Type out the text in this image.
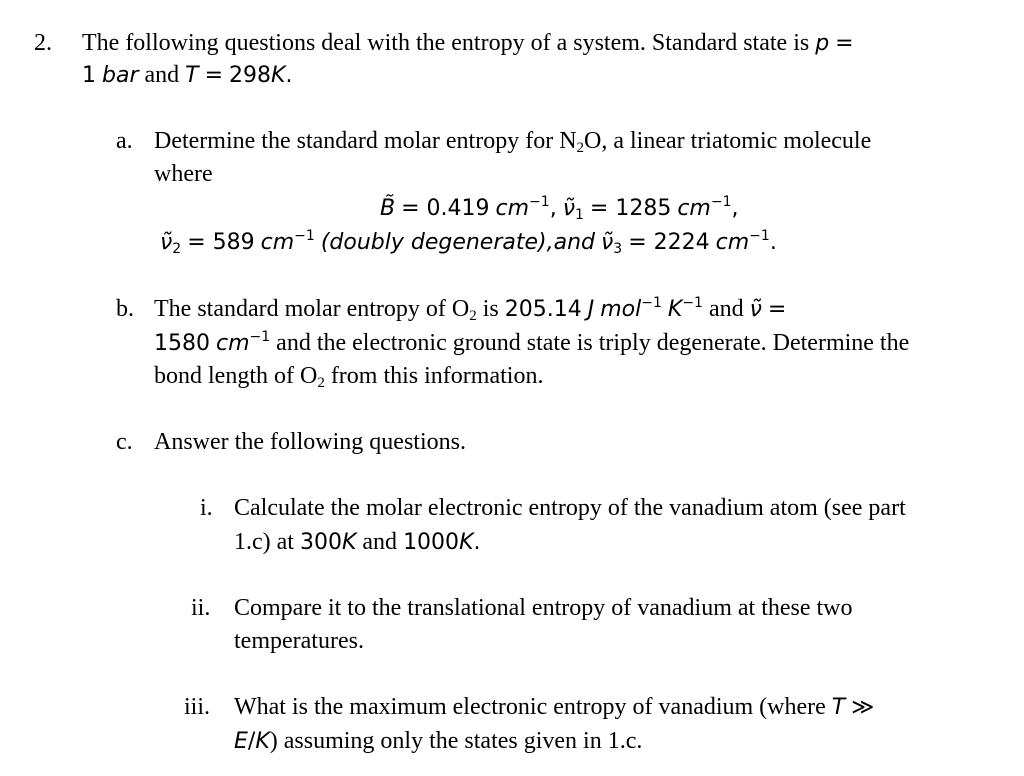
2. The following questions deal with the entropy of a system. Standard state is p =
1 bar and T = 298K.
a. Determine the standard molar entropy for $N_2O$, a linear triatomic molecule
where
B̃ = 0.419 $cm^{-1}$, $\nũ_1 = 1285$ $cm^{-1}$,
$\nũ_2 = 589$ $cm^{-1}$ (doubly degenerate),and $\nũ_3 = 2224$ $cm^{-1}$.
b. The standard molar entropy of $O_2$ is 205.14 J mol$^{-1}$ $K^{-1}$ and ν̃ =
1580 $cm^{-1}$ and the electronic ground state is triply degenerate. Determine the
bond length of $O_2$ from this information.
c. Answer the following questions.
i. Calculate the molar electronic entropy of the vanadium atom (see part
1.c) at 300K and 1000K.
ii. Compare it to the translational entropy of vanadium at these two
temperatures.
iii. What is the maximum electronic entropy of vanadium (where T ≫
E/K) assuming only the states given in 1.c.
